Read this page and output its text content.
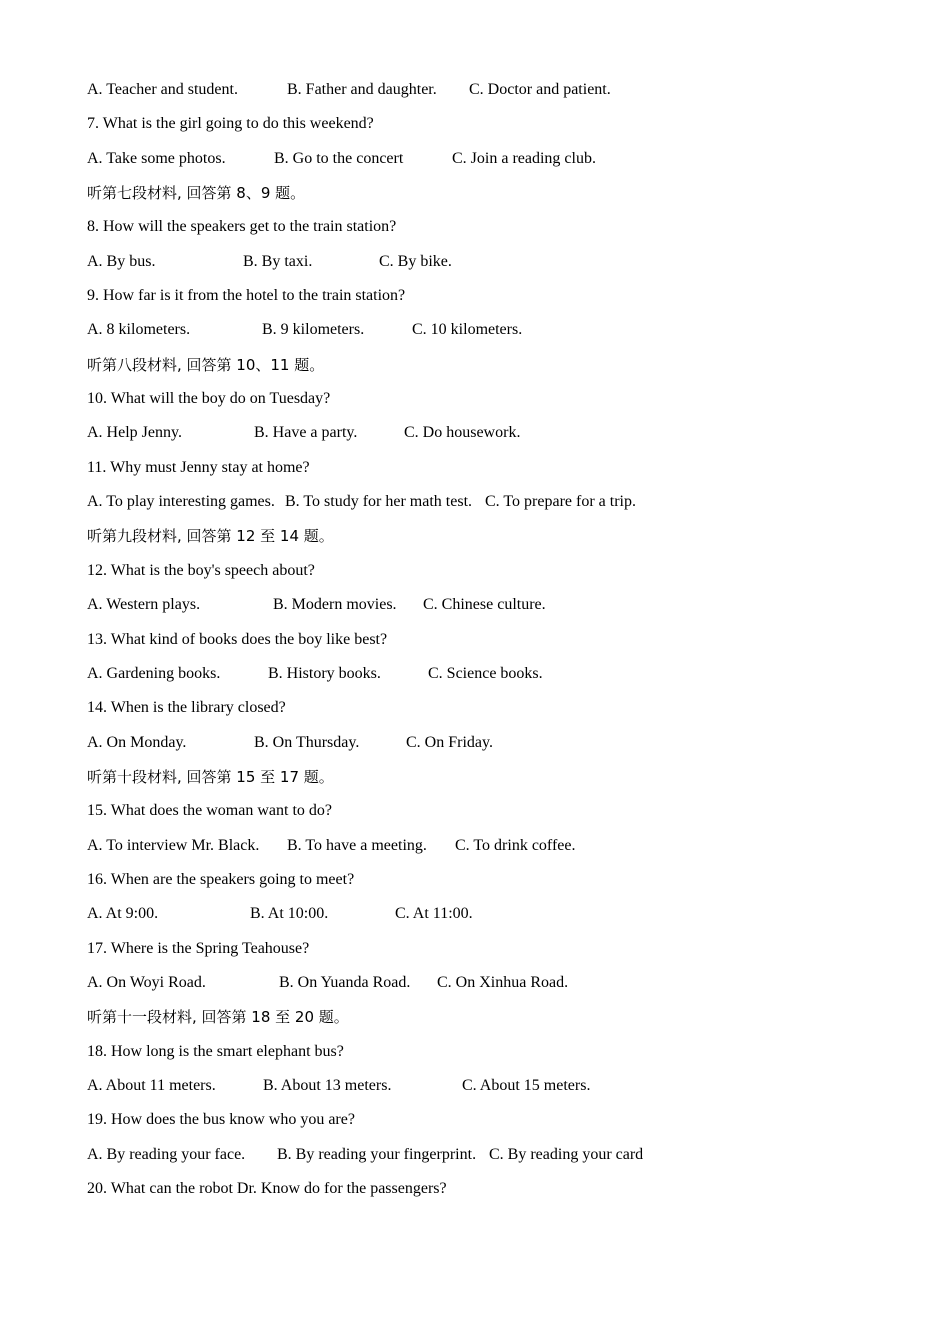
A. Teacher and student.	B. Father and daughter. C. Doctor and patient.
7. What is the girl going to do this weekend?
A. Take some photos.	B. Go to the concert	C. Join a reading club.
听第七段材料, 回答第 8、9 题。
8. How will the speakers get to the train station?
A. By bus.	B. By taxi.	C. By bike.
9. How far is it from the hotel to the train station?
A. 8 kilometers.	B. 9 kilometers.	C. 10 kilometers.
听第八段材料, 回答第 10、11 题。
10. What will the boy do on Tuesday?
A. Help Jenny.	B. Have a party.	C. Do housework.
11. Why must Jenny stay at home?
A. To play interesting games. B. To study for her math test. C. To prepare for a trip.
听第九段材料, 回答第 12 至 14 题。
12. What is the boy's speech about?
A. Western plays.	B. Modern movies. C. Chinese culture.
13. What kind of books does the boy like best?
A. Gardening books.	B. History books.	C. Science books.
14. When is the library closed?
A. On Monday.	B. On Thursday.	C. On Friday.
听第十段材料, 回答第 15 至 17 题。
15. What does the woman want to do?
A. To interview Mr. Black. B. To have a meeting. C. To drink coffee.
16. When are the speakers going to meet?
A. At 9:00.	B. At 10:00.	C. At 11:00.
17. Where is the Spring Teahouse?
A. On Woyi Road.	B. On Yuanda Road. C. On Xinhua Road.
听第十一段材料, 回答第 18 至 20 题。
18. How long is the smart elephant bus?
A. About 11 meters.	B. About 13 meters.	C. About 15 meters.
19. How does the bus know who you are?
A. By reading your face. B. By reading your fingerprint. C. By reading your card
20. What can the robot Dr. Know do for the passengers?
